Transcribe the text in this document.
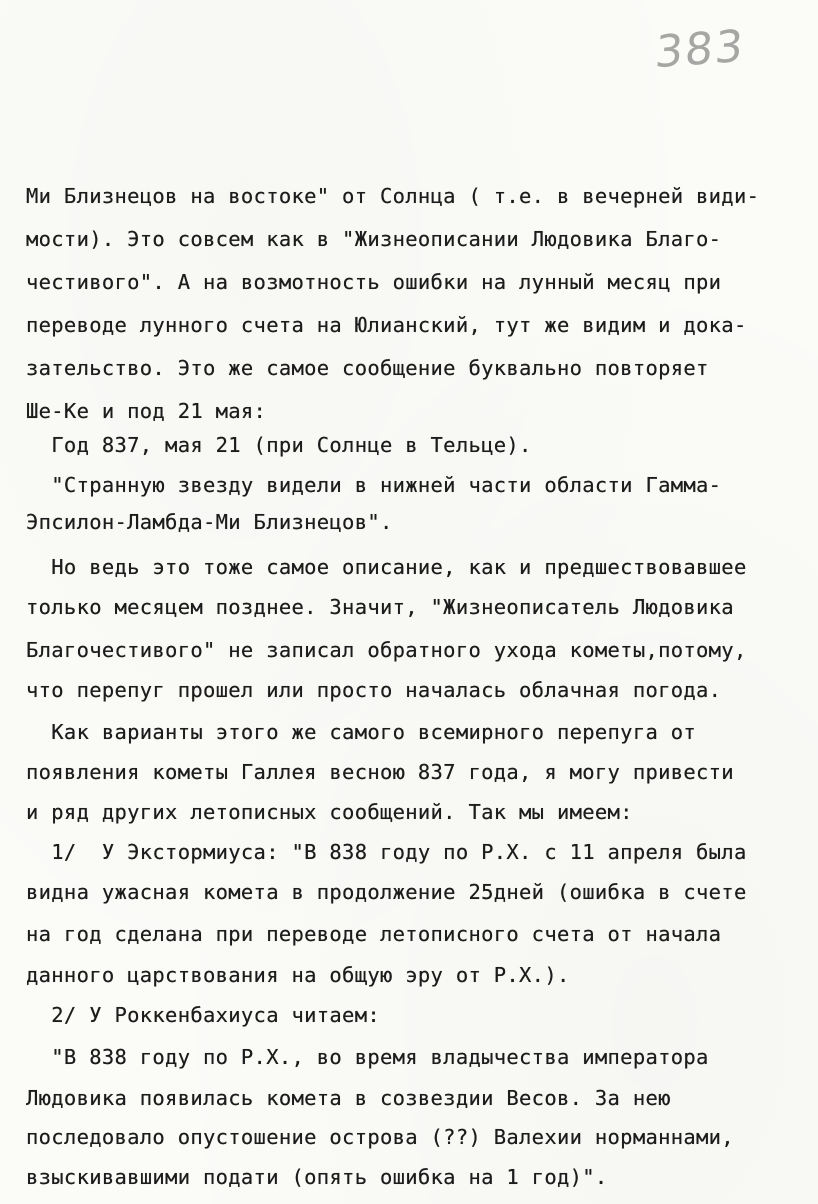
383
Ми Близнецов на востоке" от Солнца ( т.е. в вечерней види-
мости). Это совсем как в "Жизнеописании Людовика Благо-
честивого". А на возмотность ошибки на лунный месяц при
переводе лунного счета на Юлианский, тут же видим и дока-
зательство. Это же самое сообщение буквально повторяет
Ше-Ке и под 21 мая:
Год 837, мая 21 (при Солнце в Тельце).
"Странную звезду видели в нижней части области Гамма-
Эпсилон-Ламбда-Ми Близнецов".
Но ведь это тоже самое описание, как и предшествовавшее
только месяцем позднее. Значит, "Жизнеописатель Людовика
Благочестивого" не записал обратного ухода кометы,потому,
что перепуг прошел или просто началась облачная погода.
Как варианты этого же самого всемирного перепуга от
появления кометы Галлея весною 837 года, я могу привести
и ряд других летописных сообщений. Так мы имеем:
1/  У Экстормиуса: "В 838 году по Р.Х. с 11 апреля была
видна ужасная комета в продолжение 25дней (ошибка в счете
на год сделана при переводе летописного счета от начала
данного царствования на общую эру от Р.Х.).
2/ У Роккенбахиуса читаем:
"В 838 году по Р.Х., во время владычества императора
Людовика появилась комета в созвездии Весов. За нею
последовало опустошение острова (??) Валехии норманнами,
взыскивавшими подати (опять ошибка на 1 год)".
